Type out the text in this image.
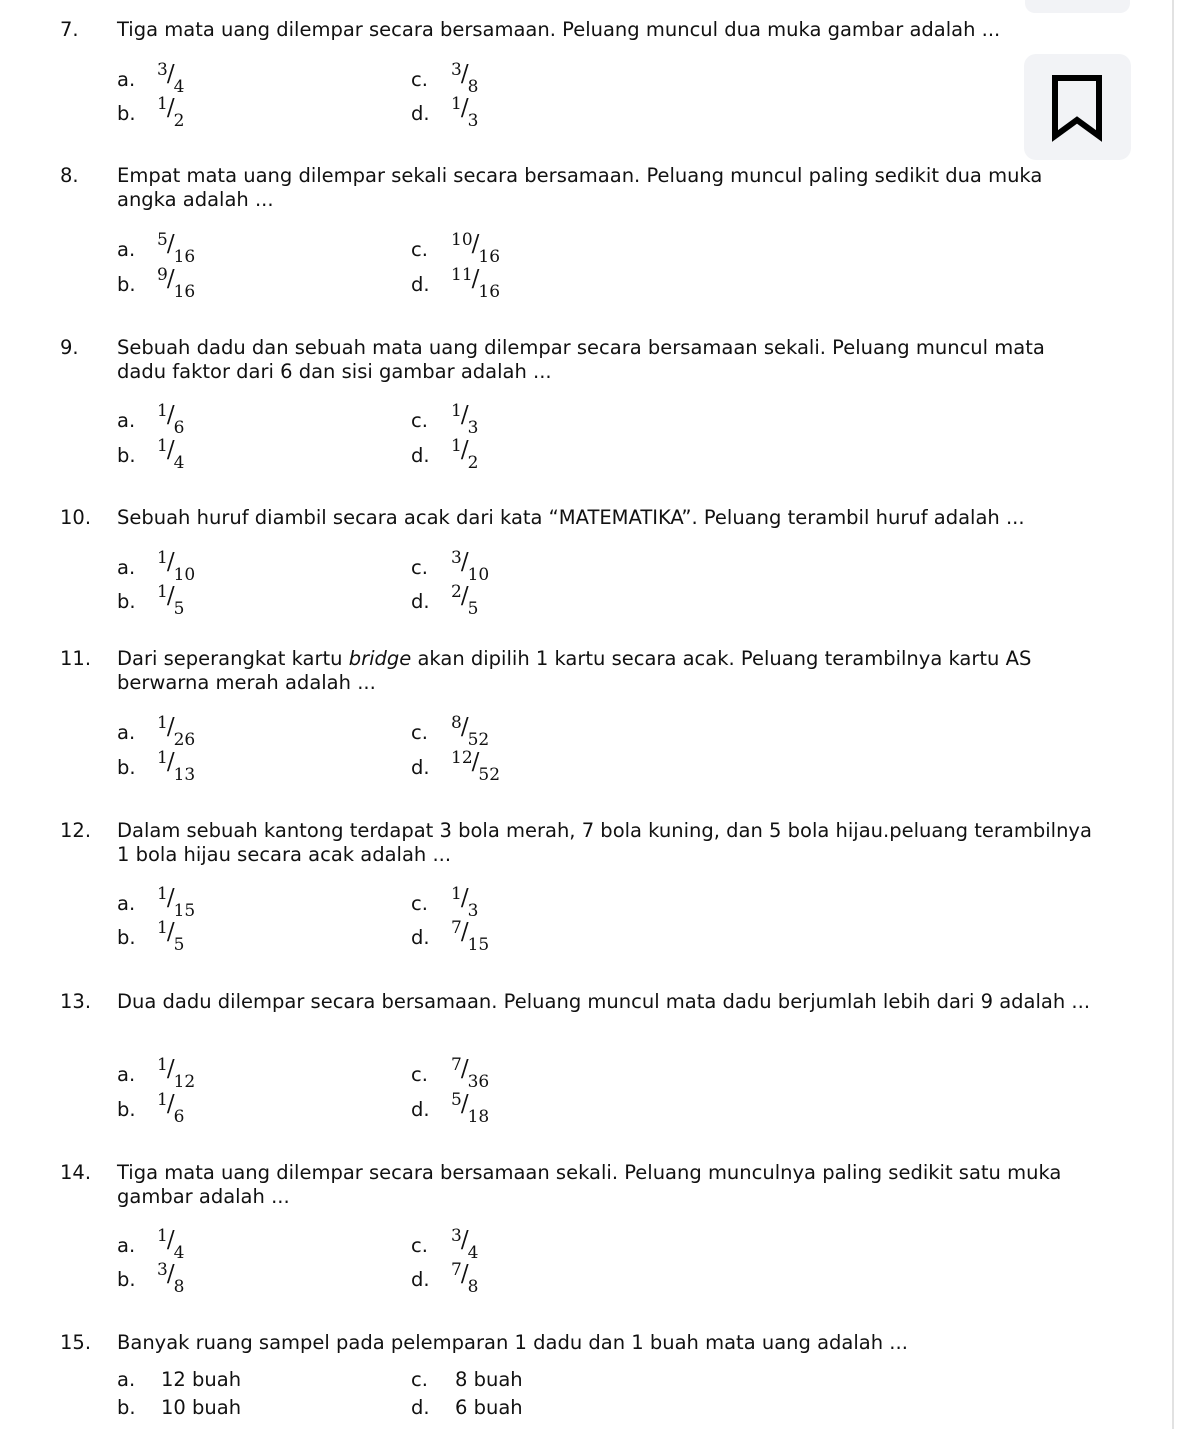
7. Tiga mata uang dilempar secara bersamaan. Peluang muncul dua muka gambar adalah ...
a. 3/4
b. 1/2
c. 3/8
d. 1/3
8. Empat mata uang dilempar sekali secara bersamaan. Peluang muncul paling sedikit dua muka angka adalah ...
a. 5/16
b. 9/16
c. 10/16
d. 11/16
9. Sebuah dadu dan sebuah mata uang dilempar secara bersamaan sekali. Peluang muncul mata dadu faktor dari 6 dan sisi gambar adalah ...
a. 1/6
b. 1/4
c. 1/3
d. 1/2
10. Sebuah huruf diambil secara acak dari kata “MATEMATIKA”. Peluang terambil huruf adalah ...
a. 1/10
b. 1/5
c. 3/10
d. 2/5
11. Dari seperangkat kartu bridge akan dipilih 1 kartu secara acak. Peluang terambilnya kartu AS berwarna merah adalah ...
a. 1/26
b. 1/13
c. 8/52
d. 12/52
12. Dalam sebuah kantong terdapat 3 bola merah, 7 bola kuning, dan 5 bola hijau.peluang terambilnya 1 bola hijau secara acak adalah ...
a. 1/15
b. 1/5
c. 1/3
d. 7/15
13. Dua dadu dilempar secara bersamaan. Peluang muncul mata dadu berjumlah lebih dari 9 adalah ...
a. 1/12
b. 1/6
c. 7/36
d. 5/18
14. Tiga mata uang dilempar secara bersamaan sekali. Peluang munculnya paling sedikit satu muka gambar adalah ...
a. 1/4
b. 3/8
c. 3/4
d. 7/8
15. Banyak ruang sampel pada pelemparan 1 dadu dan 1 buah mata uang adalah ...
a. 12 buah
b. 10 buah
c. 8 buah
d. 6 buah
